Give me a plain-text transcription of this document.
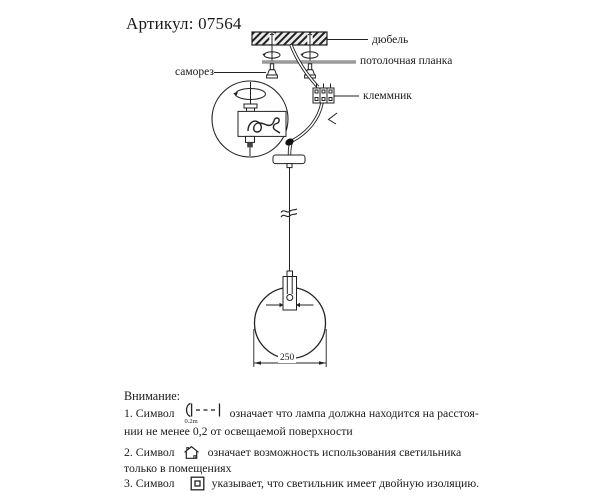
Артикул: 07564
дюбель
потолочная планка
клеммник
саморез
250
Внимание:
1. Символ
0.2m
означает что лампа должна находится на расстоя-
нии не менее 0,2 от освещаемой поверхности
2. Символ	означает возможность использования светильника
только в помещениях
3. Символ	указывает, что светильник имеет двойную изоляцию.
